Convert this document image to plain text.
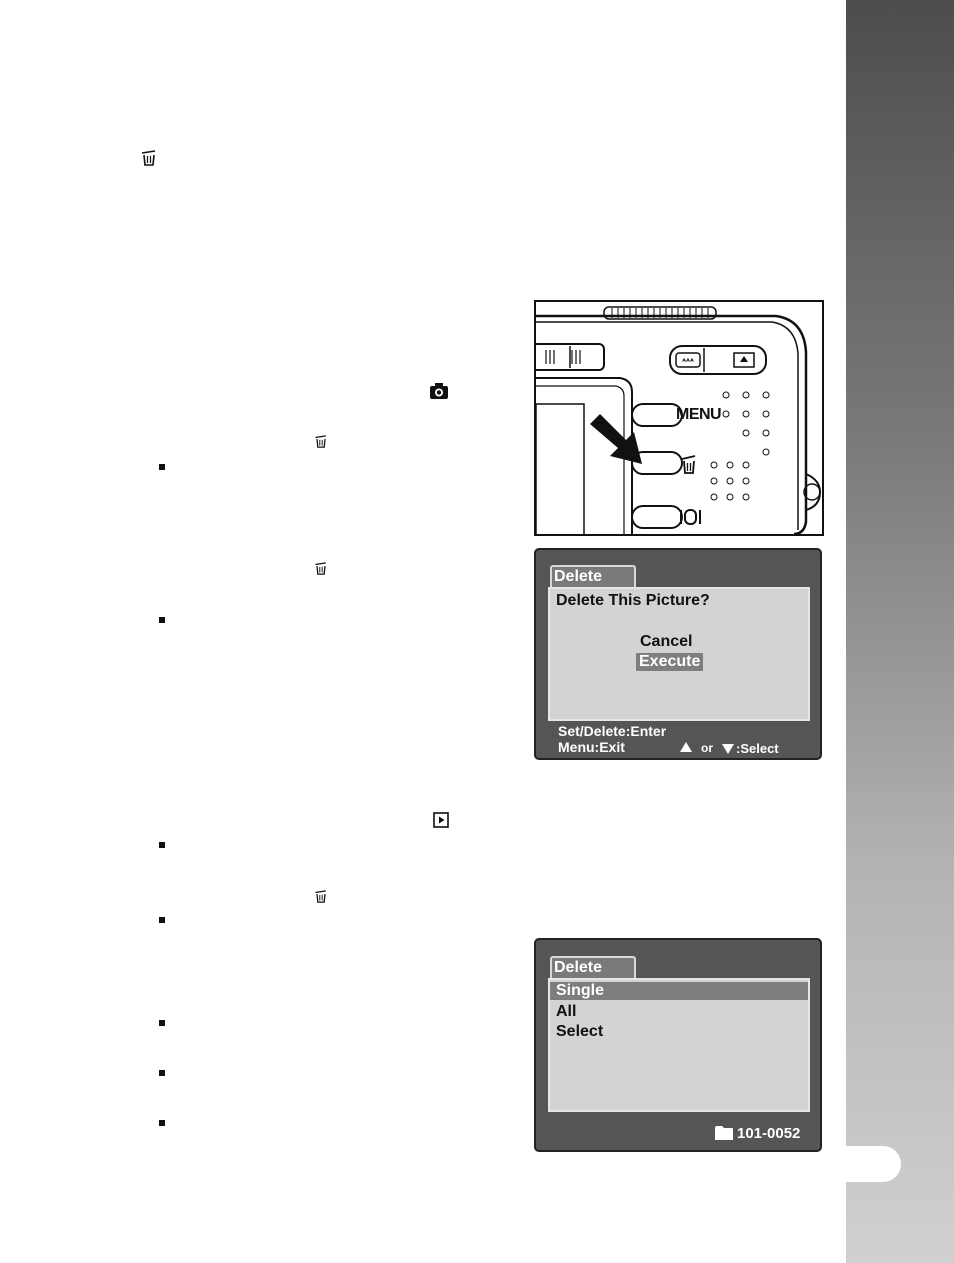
ᴬᴬᴬ
MENU
Delete
Delete This Picture?
Cancel
Execute
Set/Delete:Enter
Menu:Exit	or :Select
Delete
Single
All
Select
101-0052
